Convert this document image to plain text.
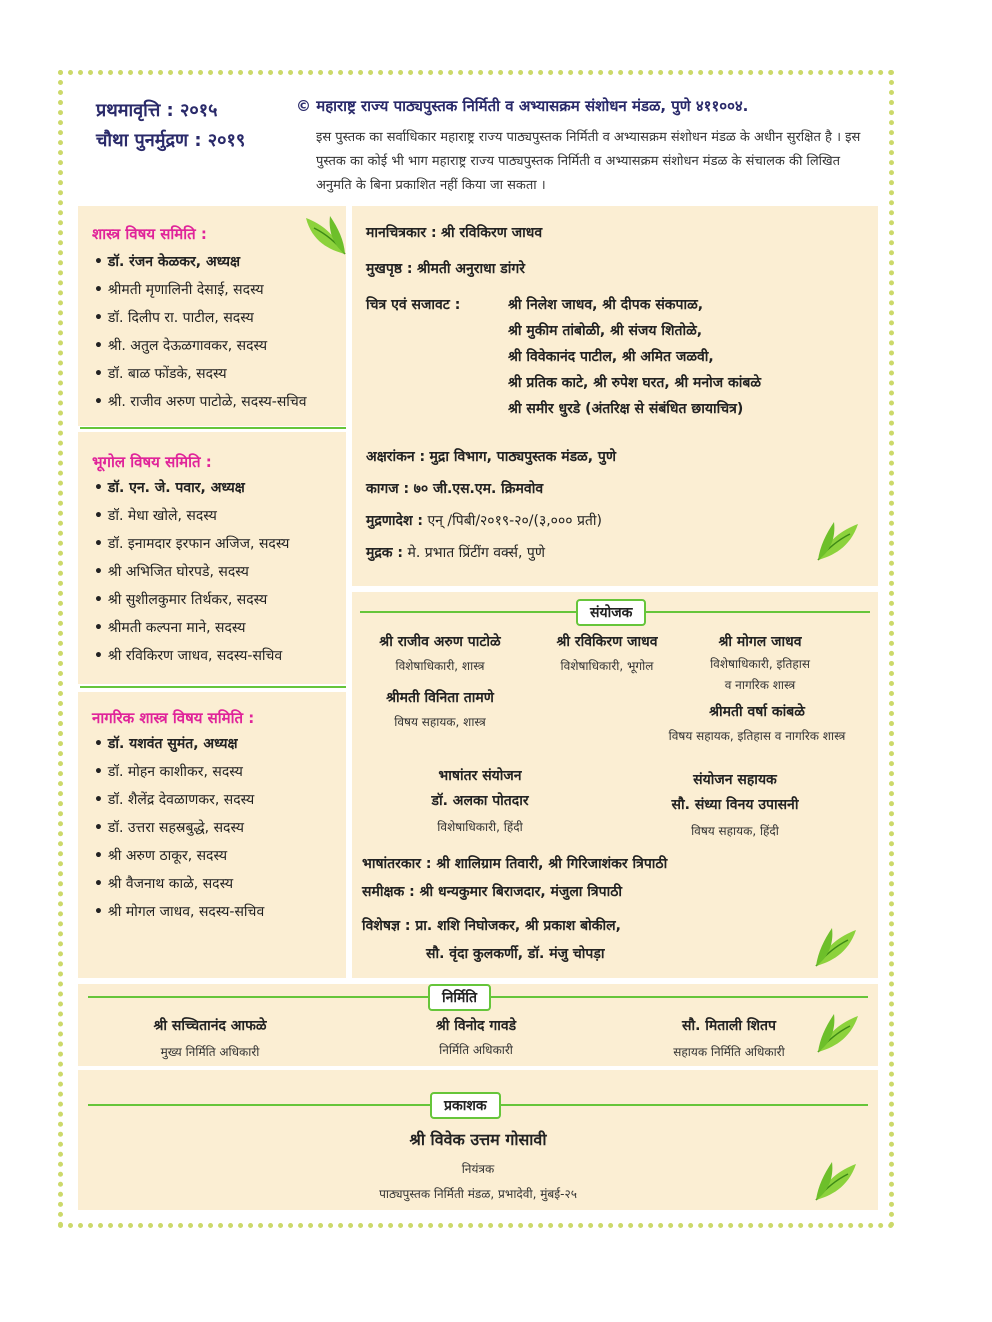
प्रथमावृत्ति : २०१५
चौथा पुनर्मुद्रण : २०१९
© महाराष्ट्र राज्य पाठ्यपुस्तक निर्मिती व अभ्यासक्रम संशोधन मंडळ, पुणे ४११००४.
इस पुस्तक का सर्वाधिकार महाराष्ट्र राज्य पाठ्यपुस्तक निर्मिती व अभ्यासक्रम संशोधन मंडळ के अधीन सुरक्षित है । इस पुस्तक का कोई भी भाग महाराष्ट्र राज्य पाठ्यपुस्तक निर्मिती व अभ्यासक्रम संशोधन मंडळ के संचालक की लिखित अनुमति के बिना प्रकाशित नहीं किया जा सकता ।
शास्त्र विषय समिति :
• डॉ. रंजन केळकर, अध्यक्ष
• श्रीमती मृणालिनी देसाई, सदस्य
• डॉ. दिलीप रा. पाटील, सदस्य
• श्री. अतुल देऊळगावकर, सदस्य
• डॉ. बाळ फोंडके, सदस्य
• श्री. राजीव अरुण पाटोळे, सदस्य-सचिव
भूगोल विषय समिति :
• डॉ. एन. जे. पवार, अध्यक्ष
• डॉ. मेधा खोले, सदस्य
• डॉ. इनामदार इरफान अजिज, सदस्य
• श्री अभिजित घोरपडे, सदस्य
• श्री सुशीलकुमार तिर्थकर, सदस्य
• श्रीमती कल्पना माने, सदस्य
• श्री रविकिरण जाधव, सदस्य-सचिव
नागरिक शास्त्र विषय समिति :
• डॉ. यशवंत सुमंत, अध्यक्ष
• डॉ. मोहन काशीकर, सदस्य
• डॉ. शैलेंद्र देवळाणकर, सदस्य
• डॉ. उत्तरा सहस्रबुद्धे, सदस्य
• श्री अरुण ठाकूर, सदस्य
• श्री वैजनाथ काळे, सदस्य
• श्री मोगल जाधव, सदस्य-सचिव
मानचित्रकार : श्री रविकिरण जाधव
मुखपृष्ठ : श्रीमती अनुराधा डांगरे
चित्र एवं सजावट :	श्री निलेश जाधव, श्री दीपक संकपाळ,
श्री मुकीम तांबोळी, श्री संजय शितोळे,
श्री विवेकानंद पाटील, श्री अमित जळवी,
श्री प्रतिक काटे, श्री रुपेश घरत, श्री मनोज कांबळे
श्री समीर धुरडे (अंतरिक्ष से संबंधित छायाचित्र)
अक्षरांकन : मुद्रा विभाग, पाठ्यपुस्तक मंडळ, पुणे
कागज : ७० जी.एस.एम. क्रिमवोव
मुद्रणादेश : एन् /पिबी/२०१९-२०/(३,००० प्रती)
मुद्रक : मे. प्रभात प्रिंटींग वर्क्स, पुणे
संयोजक
श्री राजीव अरुण पाटोळे
विशेषाधिकारी, शास्त्र
श्री रविकिरण जाधव
विशेषाधिकारी, भूगोल
श्री मोगल जाधव
विशेषाधिकारी, इतिहास
व नागरिक शास्त्र
श्रीमती विनिता तामणे
विषय सहायक, शास्त्र
श्रीमती वर्षा कांबळे
विषय सहायक, इतिहास व नागरिक शास्त्र
भाषांतर संयोजन
डॉ. अलका पोतदार
विशेषाधिकारी, हिंदी
संयोजन सहायक
सौ. संध्या विनय उपासनी
विषय सहायक, हिंदी
भाषांतरकार : श्री शालिग्राम तिवारी, श्री गिरिजाशंकर त्रिपाठी
समीक्षक : श्री धन्यकुमार बिराजदार, मंजुला त्रिपाठी
विशेषज्ञ : प्रा. शशि निघोजकर, श्री प्रकाश बोकील,
सौ. वृंदा कुलकर्णी, डॉ. मंजु चोपड़ा
निर्मिति
श्री सच्चितानंद आफळे
मुख्य निर्मिति अधिकारी
श्री विनोद गावडे
निर्मिति अधिकारी
सौ. मिताली शितप
सहायक निर्मिति अधिकारी
प्रकाशक
श्री विवेक उत्तम गोसावी
नियंत्रक
पाठ्यपुस्तक निर्मिती मंडळ, प्रभादेवी, मुंबई-२५
